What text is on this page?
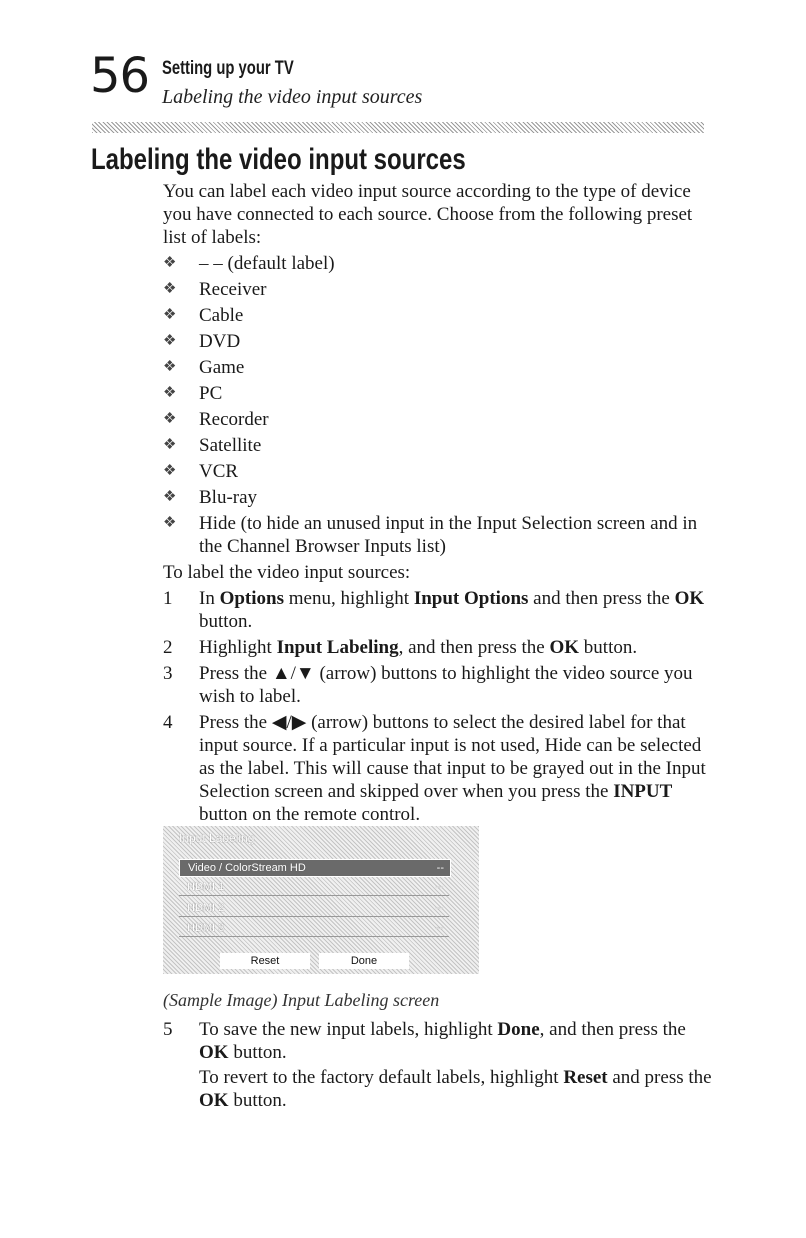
56 Setting up your TV
Labeling the video input sources
Labeling the video input sources

You can label each video input source according to the type of device you have connected to each source. Choose from the following preset list of labels:

❖ – – (default label)
❖ Receiver
❖ Cable
❖ DVD
❖ Game
❖ PC
❖ Recorder
❖ Satellite
❖ VCR
❖ Blu-ray
❖ Hide (to hide an unused input in the Input Selection screen and in the Channel Browser Inputs list)

To label the video input sources:

1 In Options menu, highlight Input Options and then press the OK button.
2 Highlight Input Labeling, and then press the OK button.
3 Press the ▲/▼ (arrow) buttons to highlight the video source you wish to label.
4 Press the ◀/▶ (arrow) buttons to select the desired label for that input source. If a particular input is not used, Hide can be selected as the label. This will cause that input to be grayed out in the Input Selection screen and skipped over when you press the INPUT button on the remote control.
Input Labeling
Video / ColorStream HD	--
HDMI 1	--
HDMI 2	--
HDMI 3	--
Reset	Done
(Sample Image) Input Labeling screen
5 To save the new input labels, highlight Done, and then press the OK button.

To revert to the factory default labels, highlight Reset and press the OK button.
